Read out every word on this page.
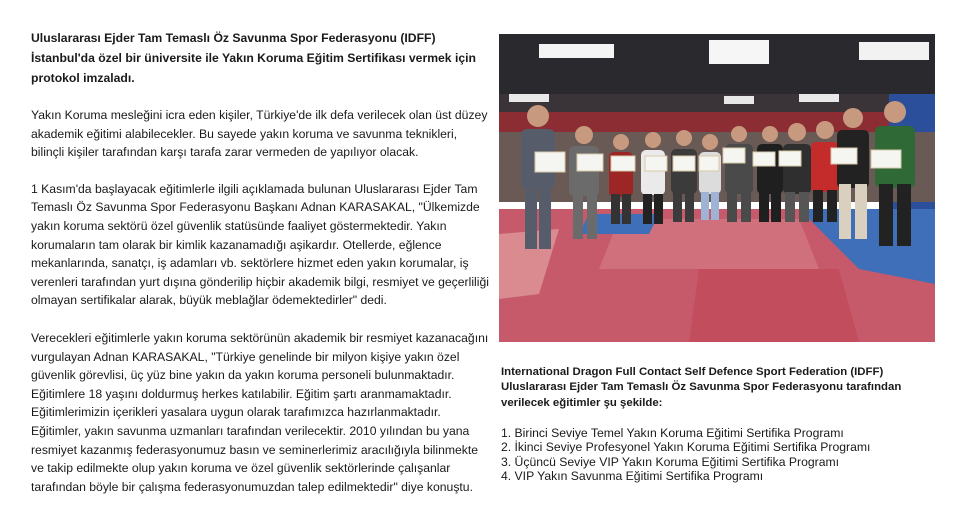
Uluslararası Ejder Tam Temaslı Öz Savunma Spor Federasyonu (IDFF) İstanbul'da özel bir üniversite ile Yakın Koruma Eğitim Sertifikası vermek için protokol imzaladı.

Yakın Koruma mesleğini icra eden kişiler, Türkiye'de ilk defa verilecek olan üst düzey akademik eğitimi alabilecekler. Bu sayede yakın koruma ve savunma teknikleri, bilinçli kişiler tarafından karşı tarafa zarar vermeden de yapılıyor olacak.

1 Kasım'da başlayacak eğitimlerle ilgili açıklamada bulunan Uluslararası Ejder Tam Temaslı Öz Savunma Spor Federasyonu Başkanı Adnan KARASAKAL, "Ülkemizde yakın koruma sektörü özel güvenlik statüsünde faaliyet göstermektedir. Yakın korumaların tam olarak bir kimlik kazanamadığı aşikardır. Otellerde, eğlence mekanlarında, sanatçı, iş adamları vb. sektörlere hizmet eden yakın korumalar, iş verenleri tarafından yurt dışına gönderilip hiçbir akademik bilgi, resmiyet ve geçerliliği olmayan sertifikalar alarak, büyük meblağlar ödemektedirler" dedi.

Verecekleri eğitimlerle yakın koruma sektörünün akademik bir resmiyet kazanacağını vurgulayan Adnan KARASAKAL, "Türkiye genelinde bir milyon kişiye yakın özel güvenlik görevlisi, üç yüz bine yakın da yakın koruma personeli bulunmaktadır. Eğitimlere 18 yaşını doldurmuş herkes katılabilir. Eğitim şartı aranmamaktadır. Eğitimlerimizin içerikleri yasalara uygun olarak tarafımızca hazırlanmaktadır. Eğitimler, yakın savunma uzmanları tarafından verilecektir. 2010 yılından bu yana resmiyet kazanmış federasyonumuz basın ve seminerlerimiz aracılığıyla bilinmekte ve takip edilmekte olup yakın koruma ve özel güvenlik sektörlerinde çalışanlar tarafından böyle bir çalışma federasyonumuzdan talep edilmektedir" diye konuştu.

International Dragon Full Contact Self Defence Sport Federation (IDFF) Uluslararası Ejder Tam Temaslı Öz Savunma Spor Federasyonu tarafından verilecek eğitimler şu şekilde:

1. Birinci Seviye Temel Yakın Koruma Eğitimi Sertifika Programı
2. İkinci Seviye Profesyonel Yakın Koruma Eğitimi Sertifika Programı
3. Üçüncü Seviye VIP Yakın Koruma Eğitimi Sertifika Programı
4. VIP Yakın Savunma Eğitimi Sertifika Programı
